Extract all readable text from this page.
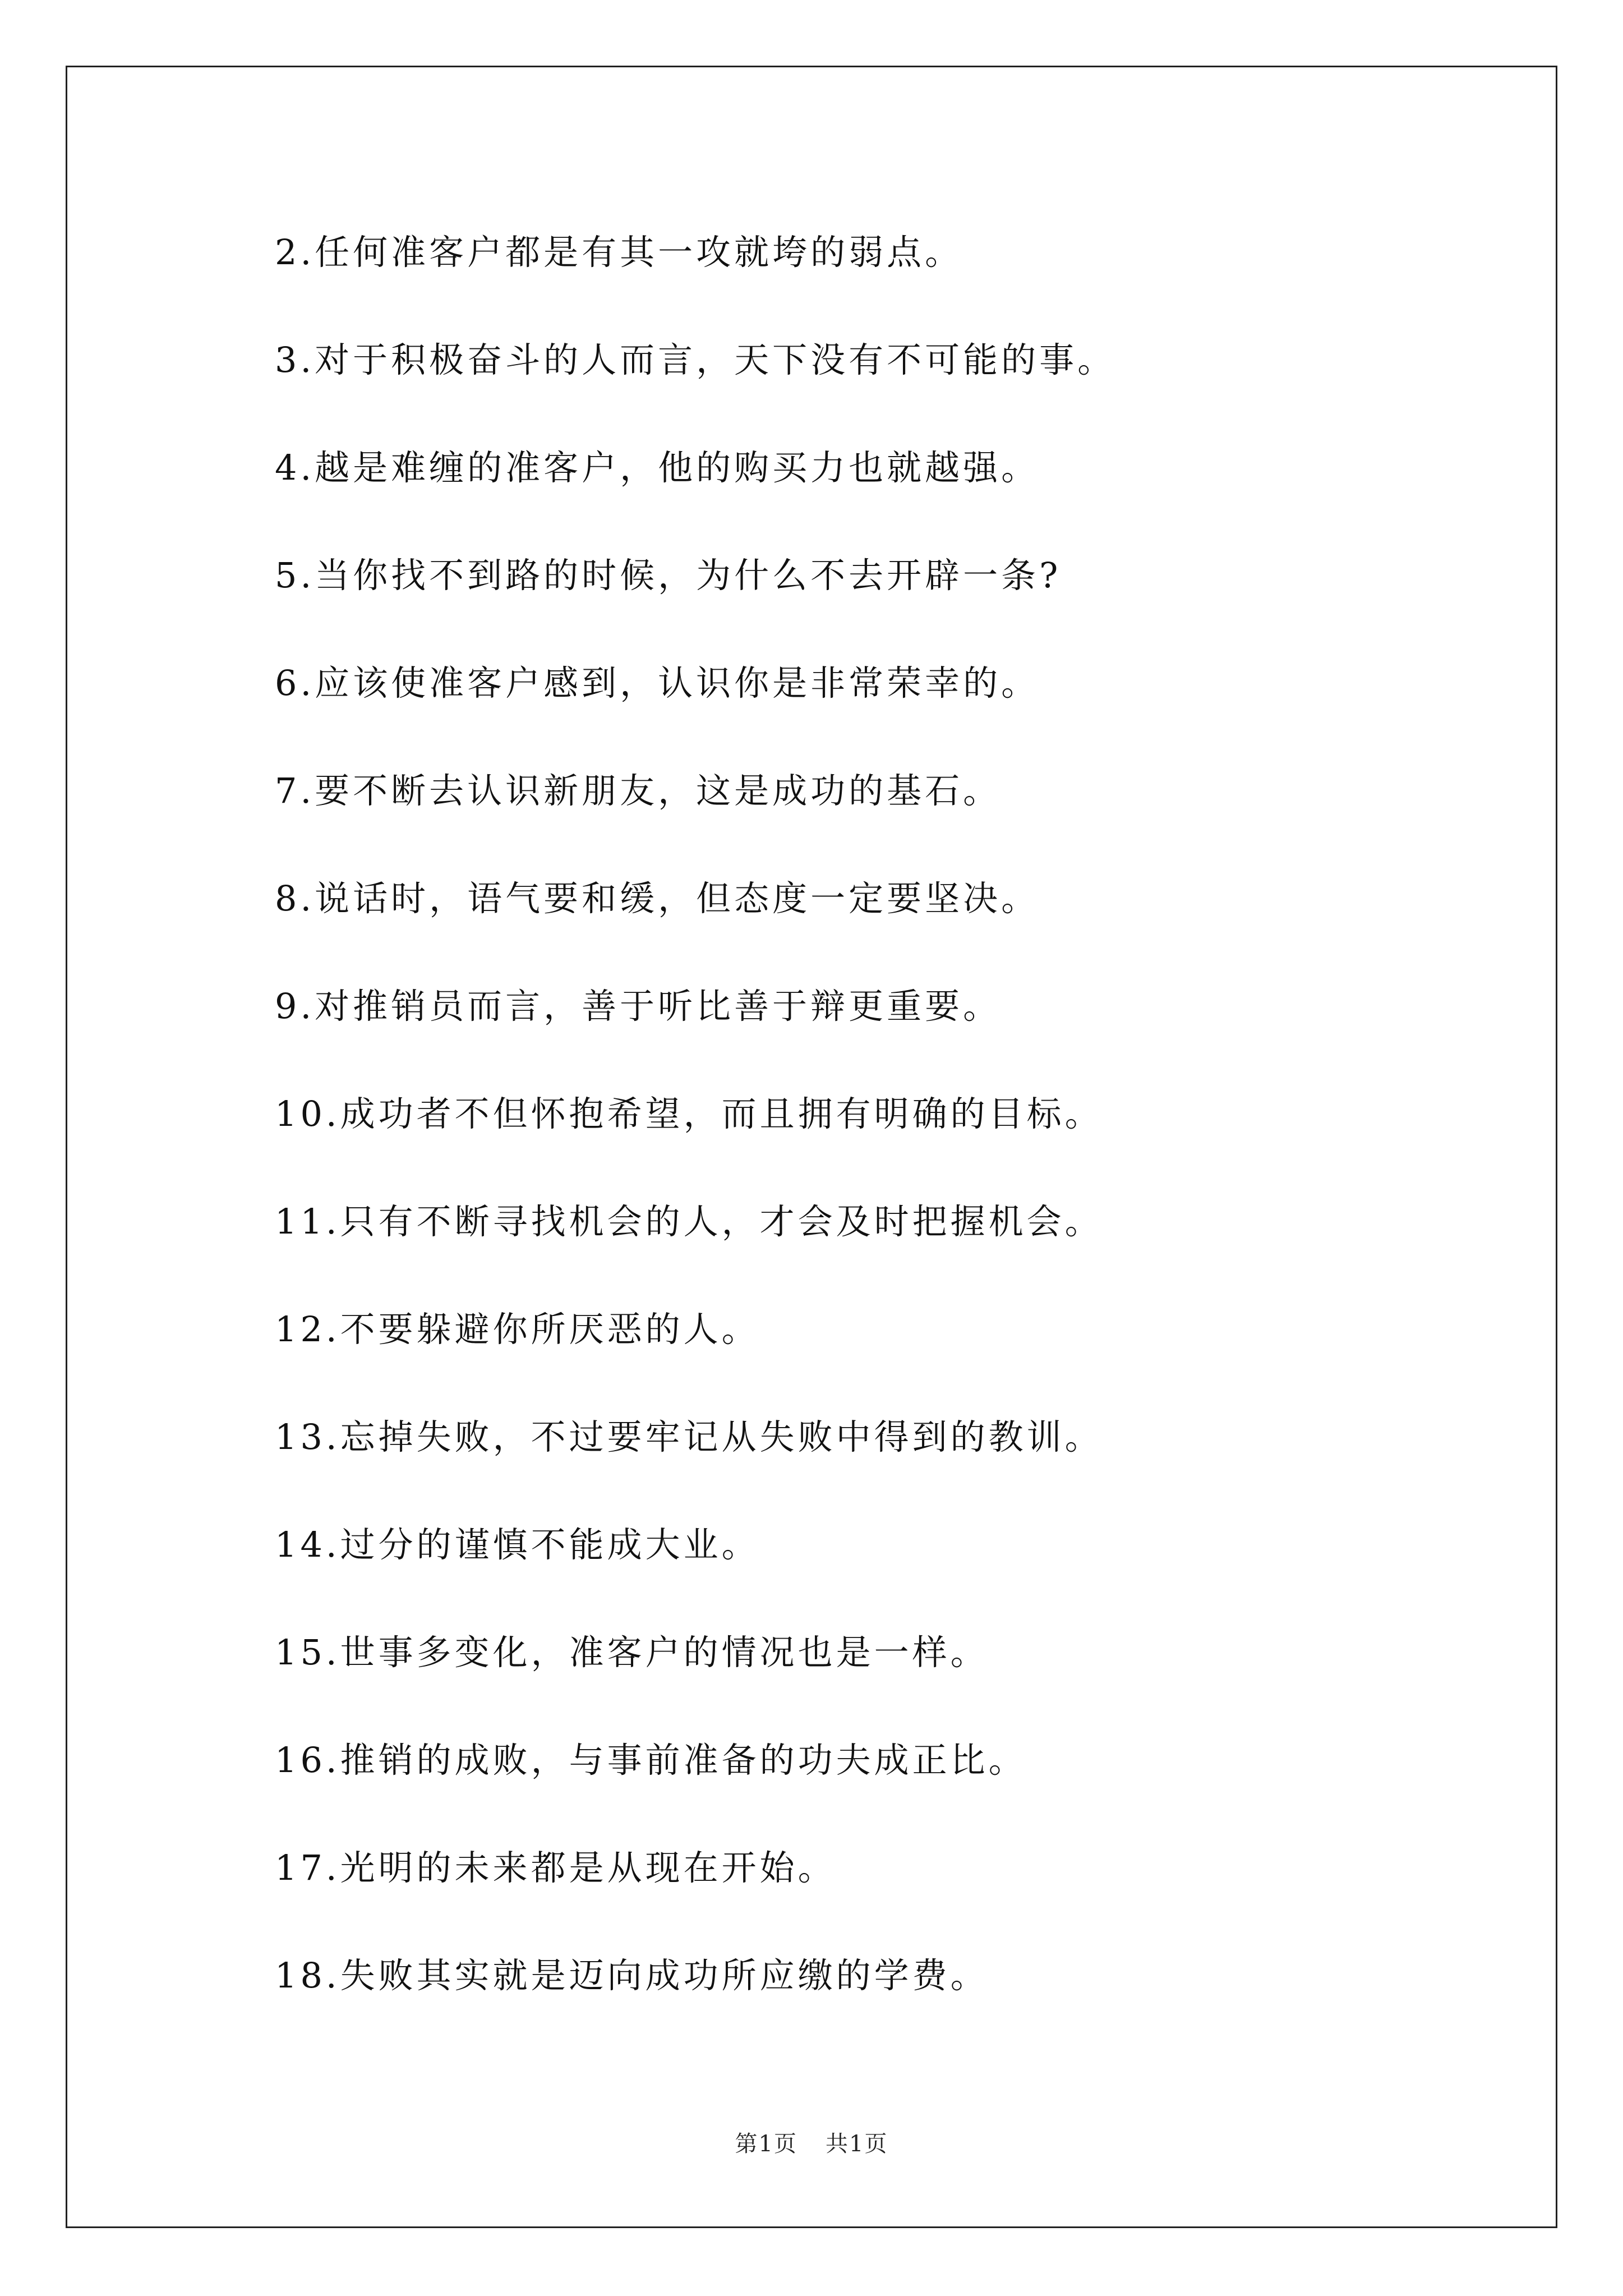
2.任何准客户都是有其一攻就垮的弱点。
3.对于积极奋斗的人而言，天下没有不可能的事。
4.越是难缠的准客户，他的购买力也就越强。
5.当你找不到路的时候，为什么不去开辟一条?
6.应该使准客户感到，认识你是非常荣幸的。
7.要不断去认识新朋友，这是成功的基石。
8.说话时，语气要和缓，但态度一定要坚决。
9.对推销员而言，善于听比善于辩更重要。
10.成功者不但怀抱希望，而且拥有明确的目标。
11.只有不断寻找机会的人，才会及时把握机会。
12.不要躲避你所厌恶的人。
13.忘掉失败，不过要牢记从失败中得到的教训。
14.过分的谨慎不能成大业。
15.世事多变化，准客户的情况也是一样。
16.推销的成败，与事前准备的功夫成正比。
17.光明的未来都是从现在开始。
18.失败其实就是迈向成功所应缴的学费。
第1页 共1页
